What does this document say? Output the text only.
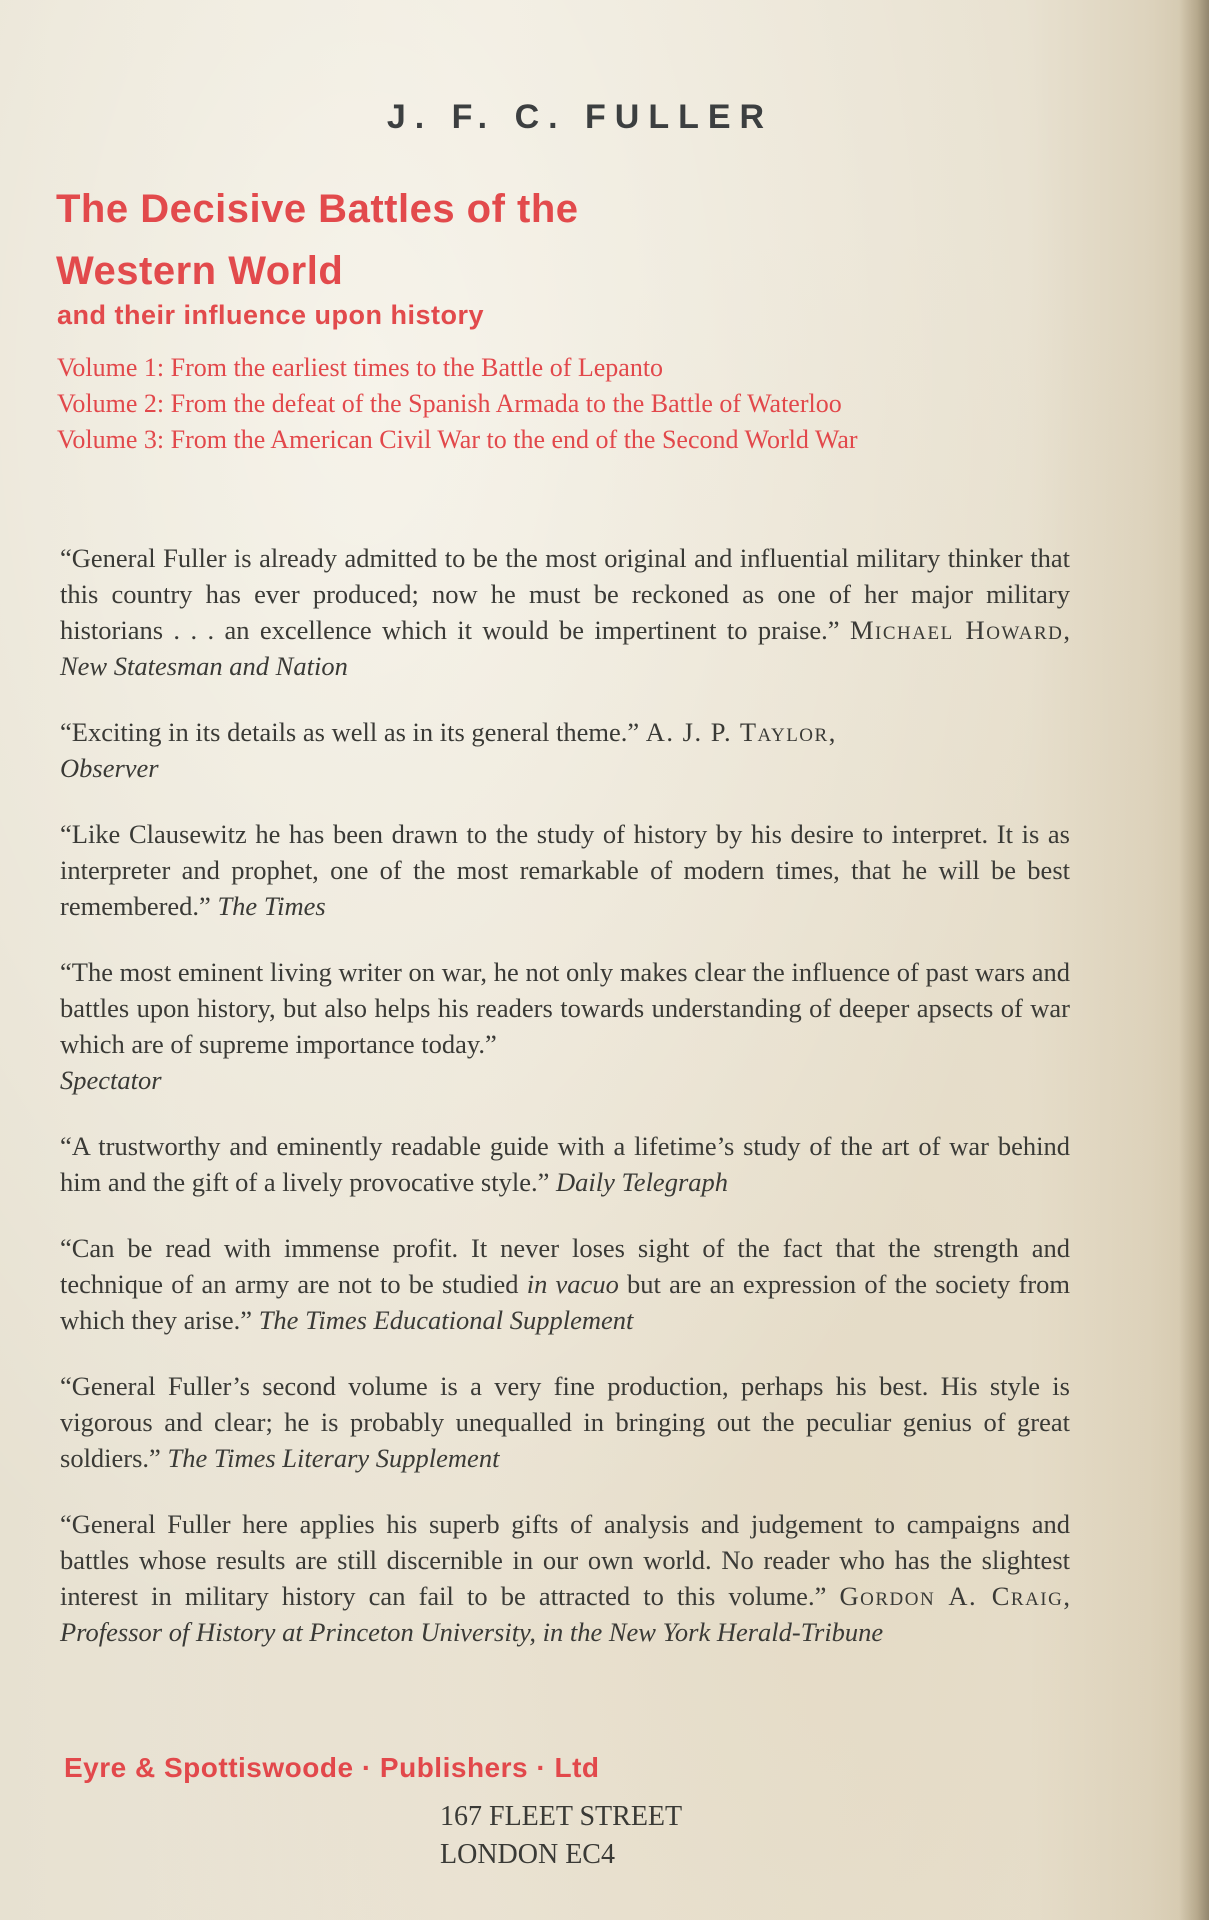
J. F. C. FULLER
The Decisive Battles of the
Western World
and their influence upon history
Volume 1: From the earliest times to the Battle of Lepanto
Volume 2: From the defeat of the Spanish Armada to the Battle of Waterloo
Volume 3: From the American Civil War to the end of the Second World War
“General Fuller is already admitted to be the most original and influential military thinker that this country has ever produced; now he must be reckoned as one of her major military historians . . . an excellence which it would be impertinent to praise.” Michael Howard, New Statesman and Nation
“Exciting in its details as well as in its general theme.” A. J. P. Taylor,
Observer
“Like Clausewitz he has been drawn to the study of history by his desire to interpret. It is as interpreter and prophet, one of the most remarkable of modern times, that he will be best remembered.” The Times
“The most eminent living writer on war, he not only makes clear the influence of past wars and battles upon history, but also helps his readers towards understanding of deeper apsects of war which are of supreme importance today.”
Spectator
“A trustworthy and eminently readable guide with a lifetime’s study of the art of war behind him and the gift of a lively provocative style.” Daily Telegraph
“Can be read with immense profit. It never loses sight of the fact that the strength and technique of an army are not to be studied in vacuo but are an expression of the society from which they arise.” The Times Educational Supplement
“General Fuller’s second volume is a very fine production, perhaps his best. His style is vigorous and clear; he is probably unequalled in bringing out the peculiar genius of great soldiers.” The Times Literary Supplement
“General Fuller here applies his superb gifts of analysis and judgement to campaigns and battles whose results are still discernible in our own world. No reader who has the slightest interest in military history can fail to be attracted to this volume.” Gordon A. Craig, Professor of History at Princeton University, in the New York Herald-Tribune
Eyre & Spottiswoode · Publishers · Ltd
167 FLEET STREET
LONDON EC4
